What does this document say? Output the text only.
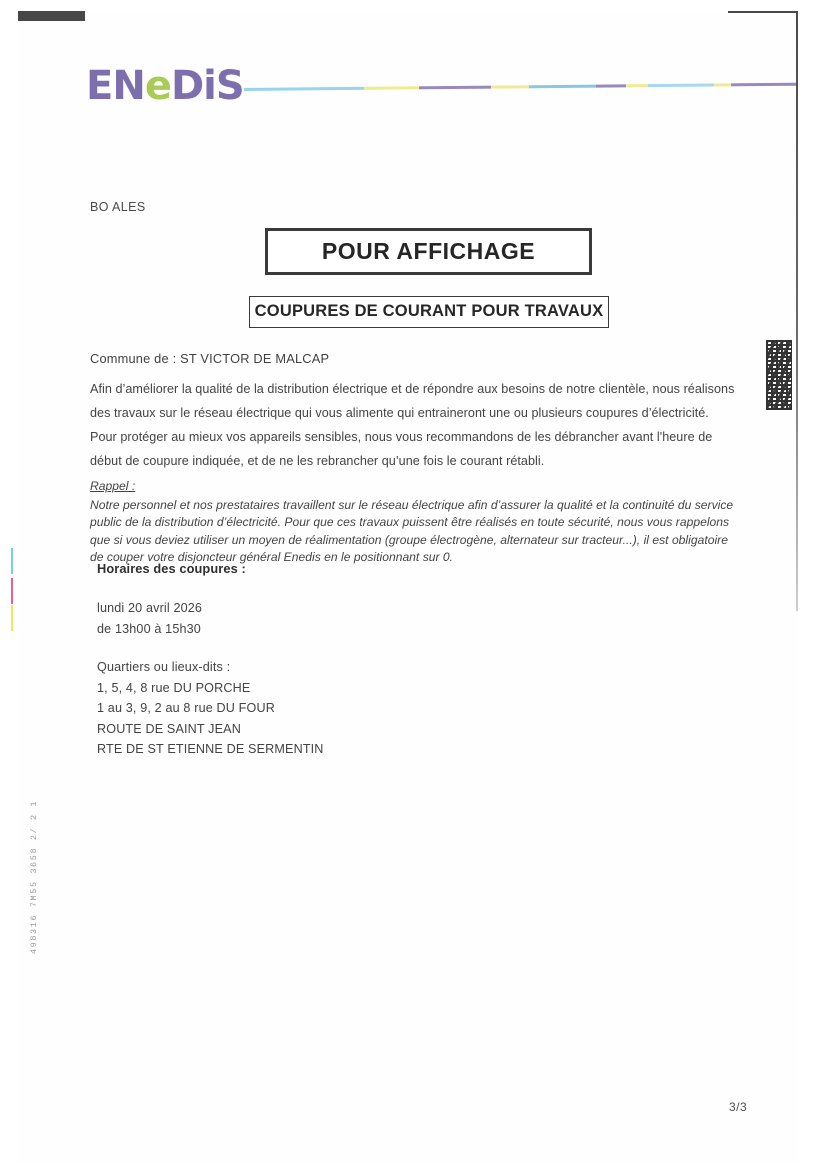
ENeDiS
BO ALES
POUR AFFICHAGE
COUPURES DE COURANT POUR TRAVAUX
Commune de : ST VICTOR DE MALCAP
Afin d’améliorer la qualité de la distribution électrique et de répondre aux besoins de notre clientèle, nous réalisons des travaux sur le réseau électrique qui vous alimente qui entraineront une ou plusieurs coupures d’électricité.
Pour protéger au mieux vos appareils sensibles, nous vous recommandons de les débrancher avant l'heure de début de coupure indiquée, et de ne les rebrancher qu’une fois le courant rétabli.
Rappel :
Notre personnel et nos prestataires travaillent sur le réseau électrique afin d’assurer la qualité et la continuité du service public de la distribution d’électricité. Pour que ces travaux puissent être réalisés en toute sécurité, nous vous rappelons que si vous deviez utiliser un moyen de réalimentation (groupe électrogène, alternateur sur tracteur...), il est obligatoire de couper votre disjoncteur général Enedis en le positionnant sur 0.
Horaires des coupures :
lundi 20 avril 2026
de 13h00 à 15h30
Quartiers ou lieux-dits :
1, 5, 4, 8 rue DU PORCHE
1 au 3, 9, 2 au 8 rue DU FOUR
ROUTE DE SAINT JEAN
RTE DE ST ETIENNE DE SERMENTIN
498316 7M55 3658 2/ 2 1
3/3
